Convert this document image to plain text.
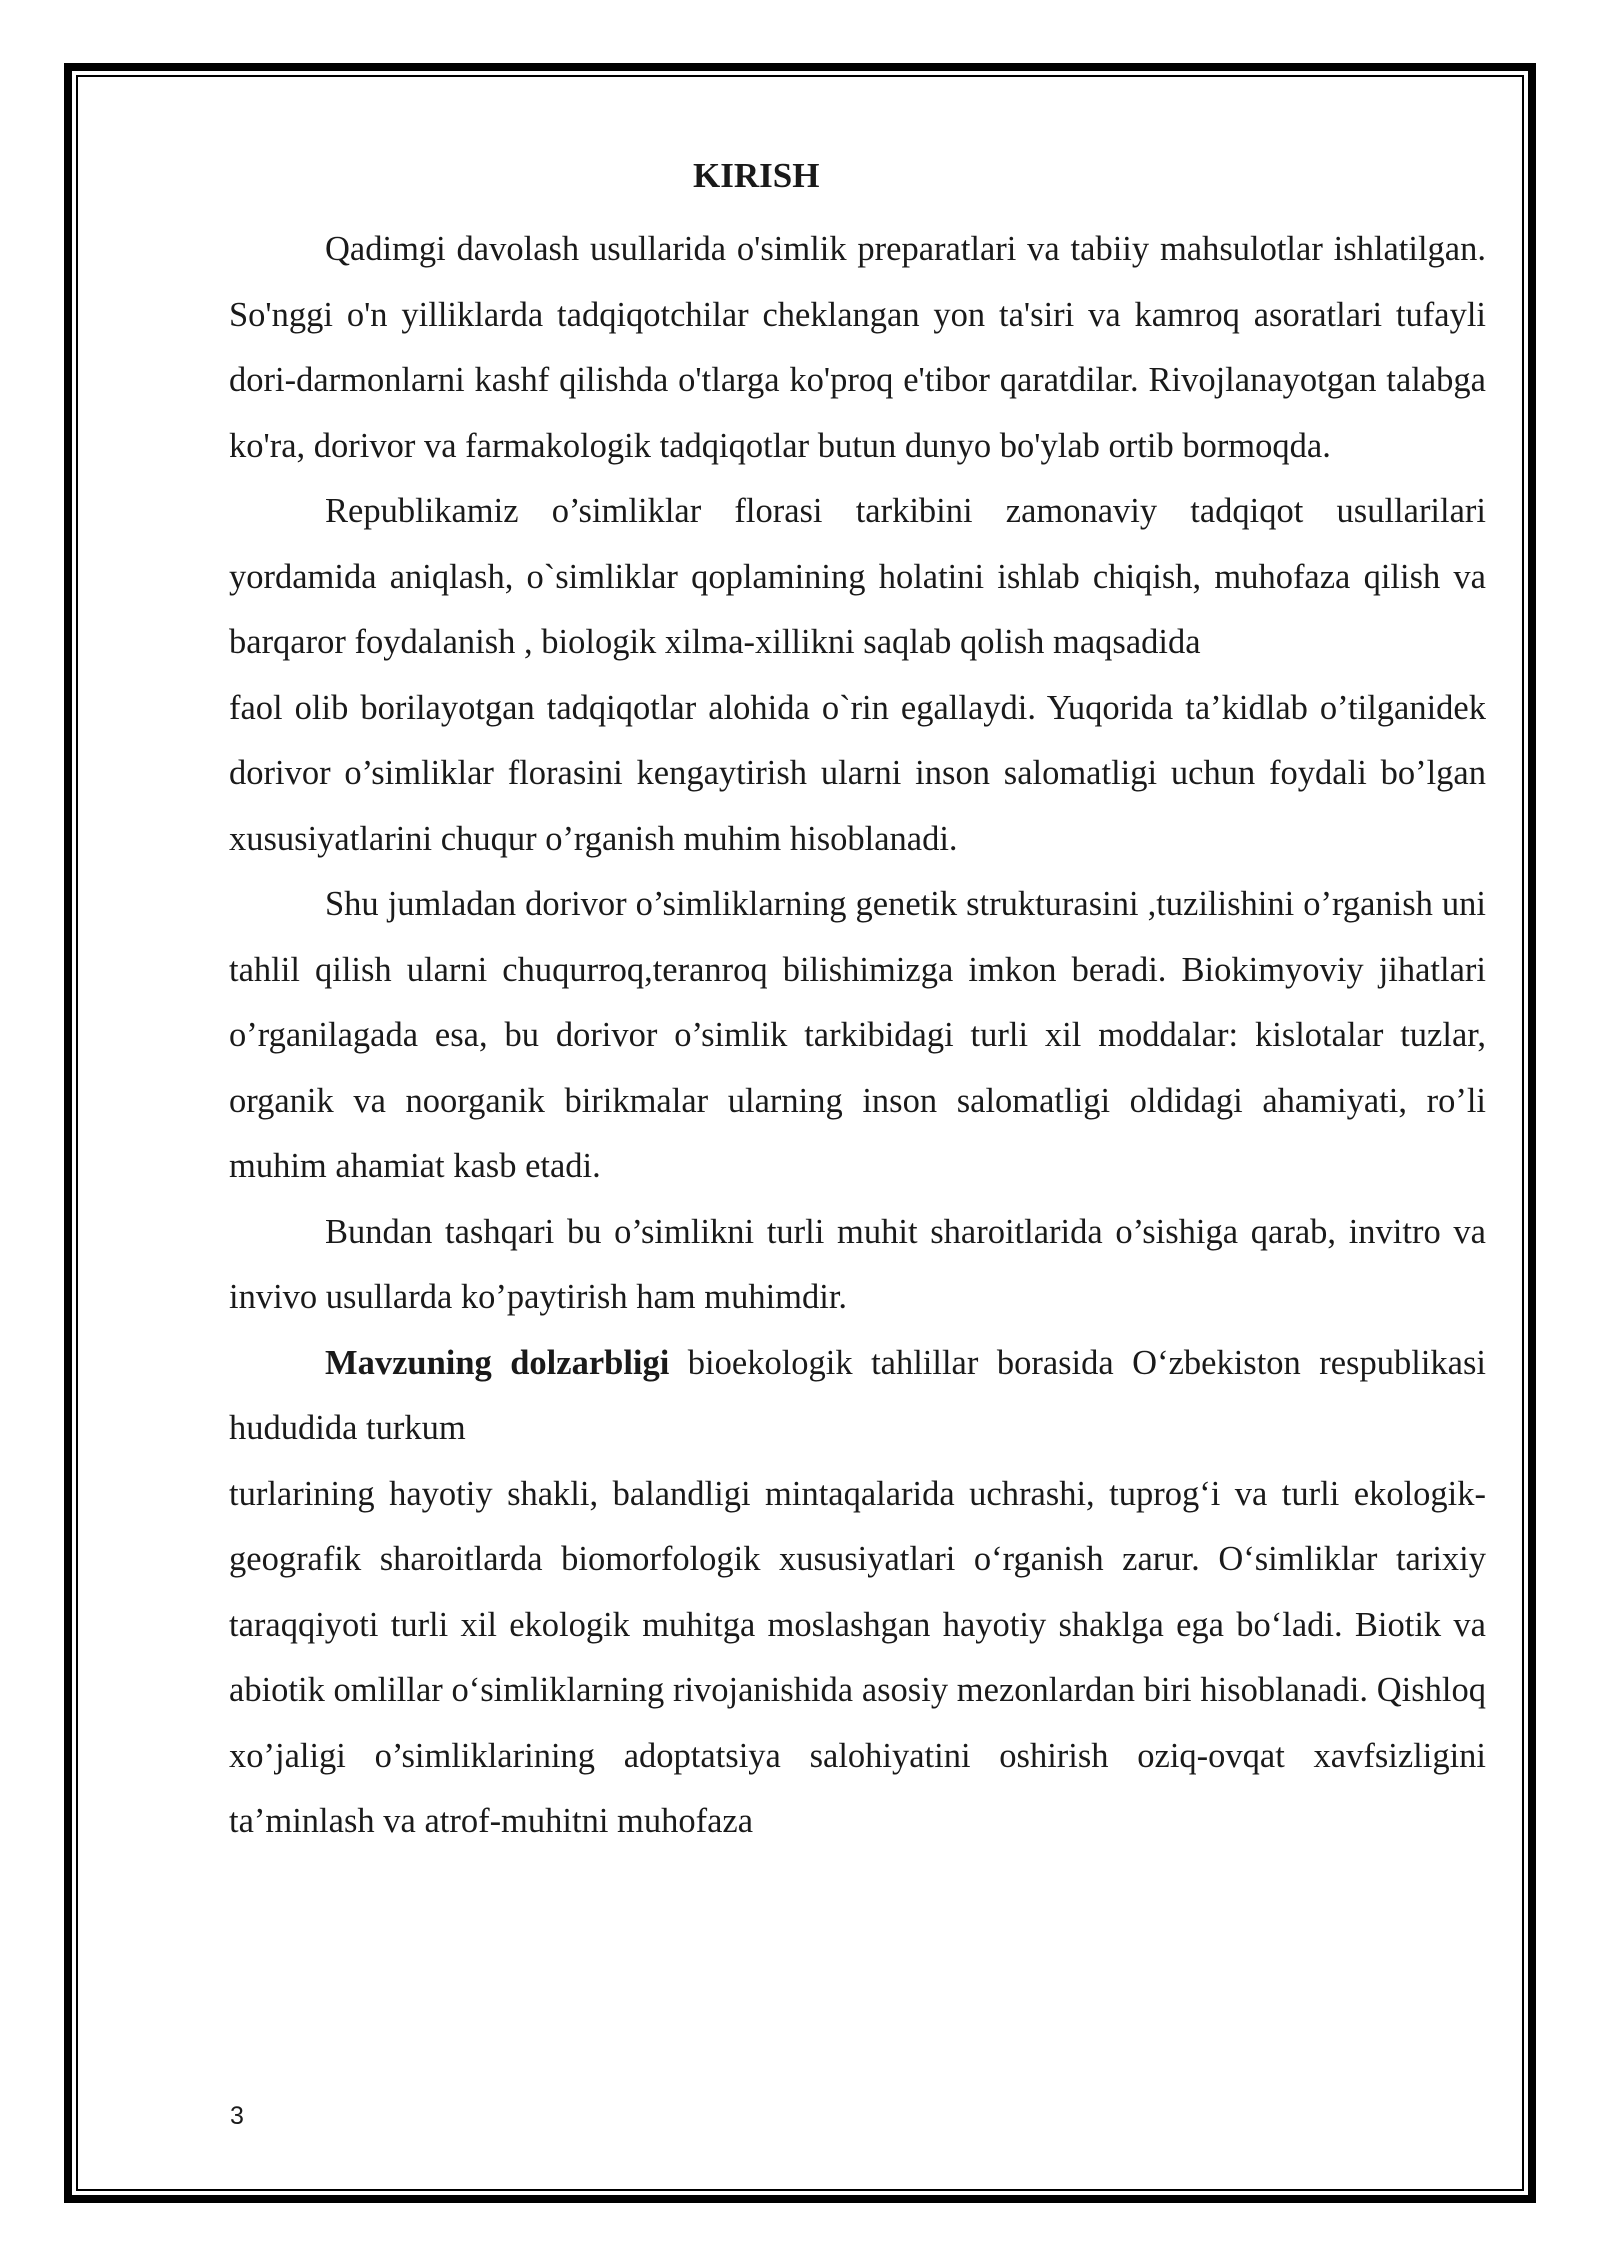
KIRISH

Qadimgi davolash usullarida o'simlik preparatlari va tabiiy mahsulotlar ishlatilgan. So'nggi o'n yilliklarda tadqiqotchilar cheklangan yon ta'siri va kamroq asoratlari tufayli dori-darmonlarni kashf qilishda o'tlarga ko'proq e'tibor qaratdilar. Rivojlanayotgan talabga ko'ra, dorivor va farmakologik tadqiqotlar butun dunyo bo'ylab ortib bormoqda.

Republikamiz o’simliklar florasi tarkibini zamonaviy tadqiqot usullarilari

yordamida aniqlash, o`simliklar qoplamining holatini ishlab chiqish, muhofaza qilish va barqaror foydalanish , biologik xilma-xillikni saqlab qolish maqsadida

faol olib borilayotgan tadqiqotlar alohida o`rin egallaydi. Yuqorida ta’kidlab o’tilganidek dorivor o’simliklar florasini kengaytirish ularni inson salomatligi uchun foydali bo’lgan xususiyatlarini chuqur o’rganish muhim hisoblanadi.

Shu jumladan dorivor o’simliklarning genetik strukturasini ,tuzilishini o’rganish uni tahlil qilish ularni chuqurroq,teranroq bilishimizga imkon beradi. Biokimyoviy jihatlari o’rganilagada esa, bu dorivor o’simlik tarkibidagi turli xil moddalar: kislotalar tuzlar, organik va noorganik birikmalar ularning inson salomatligi oldidagi ahamiyati, ro’li muhim ahamiat kasb etadi.

Bundan tashqari bu o’simlikni turli muhit sharoitlarida o’sishiga qarab, invitro va invivo usullarda ko’paytirish ham muhimdir.

Mavzuning dolzarbligi bioekologik tahlillar borasida O‘zbekiston respublikasi hududida turkum

turlarining hayotiy shakli, balandligi mintaqalarida uchrashi, tuprog‘i va turli ekologik-geografik sharoitlarda biomorfologik xususiyatlari o‘rganish zarur. O‘simliklar tarixiy taraqqiyoti turli xil ekologik muhitga moslashgan hayotiy shaklga ega bo‘ladi. Biotik va abiotik omlillar o‘simliklarning rivojanishida asosiy mezonlardan biri hisoblanadi. Qishloq xo’jaligi o’simliklarining adoptatsiya salohiyatini oshirish oziq-ovqat xavfsizligini ta’minlash va atrof-muhitni muhofaza

3
